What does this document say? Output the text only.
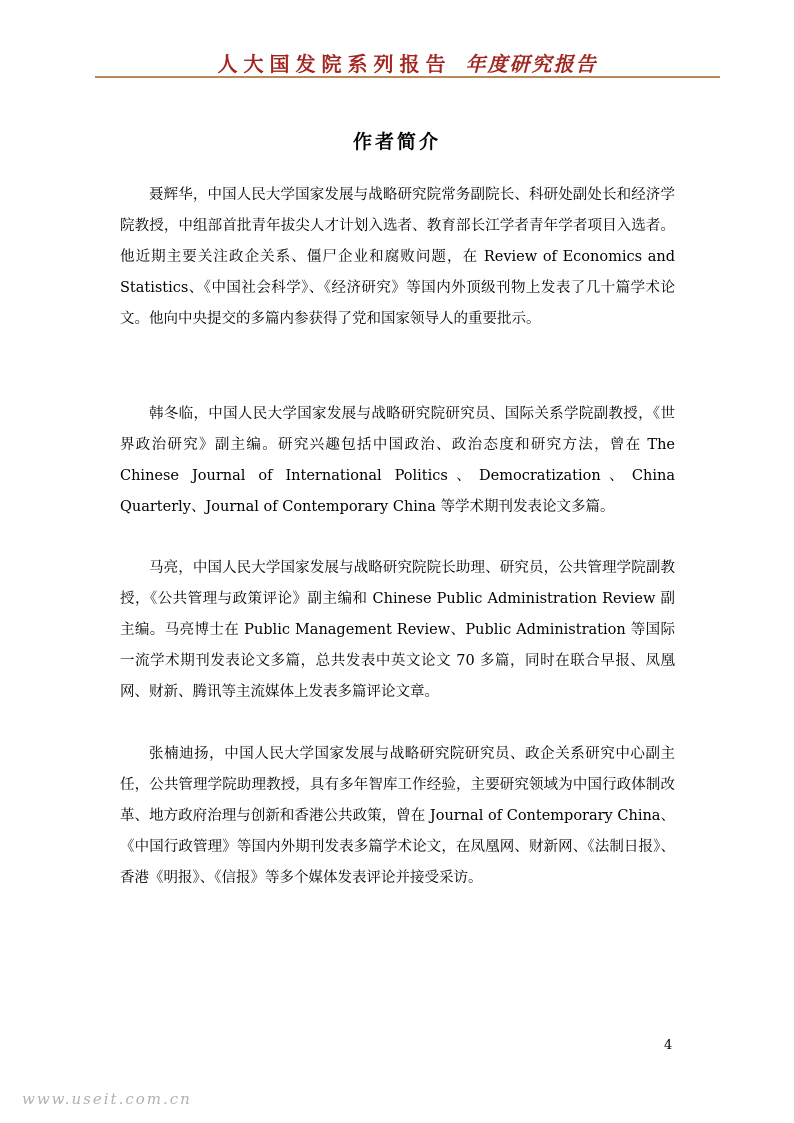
人大国发院系列报告 年度研究报告
作者简介

聂辉华，中国人民大学国家发展与战略研究院常务副院长、科研处副处长和经济学院教授，中组部首批青年拔尖人才计划入选者、教育部长江学者青年学者项目入选者。他近期主要关注政企关系、僵尸企业和腐败问题，在 Review of Economics and Statistics、《中国社会科学》、《经济研究》等国内外顶级刊物上发表了几十篇学术论文。他向中央提交的多篇内参获得了党和国家领导人的重要批示。

韩冬临，中国人民大学国家发展与战略研究院研究员、国际关系学院副教授，《世界政治研究》副主编。研究兴趣包括中国政治、政治态度和研究方法，曾在 The Chinese Journal of International Politics、Democratization、China Quarterly、Journal of Contemporary China 等学术期刊发表论文多篇。

马亮，中国人民大学国家发展与战略研究院院长助理、研究员，公共管理学院副教授，《公共管理与政策评论》副主编和 Chinese Public Administration Review 副主编。马亮博士在 Public Management Review、Public Administration 等国际一流学术期刊发表论文多篇，总共发表中英文论文 70 多篇，同时在联合早报、凤凰网、财新、腾讯等主流媒体上发表多篇评论文章。

张楠迪扬，中国人民大学国家发展与战略研究院研究员、政企关系研究中心副主任，公共管理学院助理教授，具有多年智库工作经验，主要研究领域为中国行政体制改革、地方政府治理与创新和香港公共政策，曾在 Journal of Contemporary China、《中国行政管理》等国内外期刊发表多篇学术论文，在凤凰网、财新网、《法制日报》、香港《明报》、《信报》等多个媒体发表评论并接受采访。

4
www.useit.com.cn
